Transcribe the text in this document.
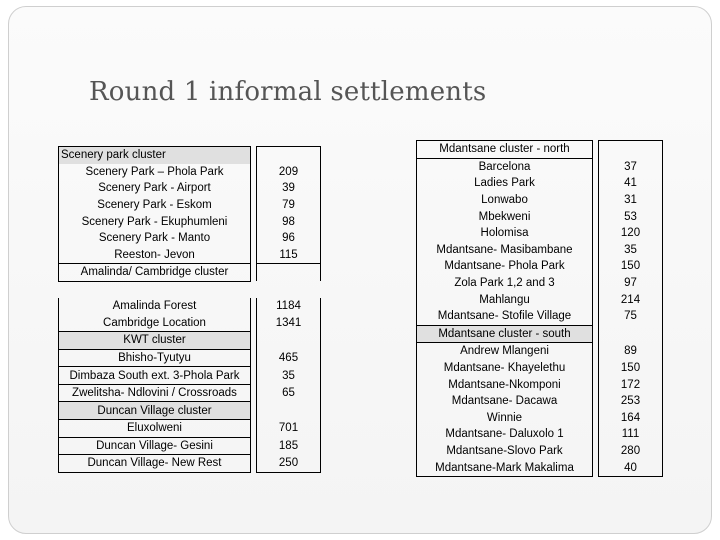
Round 1 informal settlements
Scenery park cluster		
Scenery Park – Phola Park		209
Scenery Park - Airport		39
Scenery Park - Eskom		79
Scenery Park - Ekuphumleni		98
Scenery Park - Manto		96
Reeston- Jevon		115
Amalinda/ Cambridge cluster		

Amalinda Forest		1184
Cambridge Location		1341
KWT cluster		
Bhisho-Tyutyu		465
Dimbaza South ext. 3-Phola Park		35
Zwelitsha- Ndlovini / Crossroads		65
Duncan Village cluster		
Eluxolweni		701
Duncan Village- Gesini		185
Duncan Village- New Rest		250
Mdantsane cluster - north		
Barcelona		37
Ladies Park		41
Lonwabo		31
Mbekweni		53
Holomisa		120
Mdantsane- Masibambane		35
Mdantsane- Phola Park		150
Zola Park 1,2 and 3		97
Mahlangu		214
Mdantsane- Stofile Village		75
Mdantsane cluster - south		
Andrew Mlangeni		89
Mdantsane- Khayelethu		150
Mdantsane-Nkomponi		172
Mdantsane- Dacawa		253
Winnie		164
Mdantsane- Daluxolo 1		111
Mdantsane-Slovo Park		280
Mdantsane-Mark Makalima		40
